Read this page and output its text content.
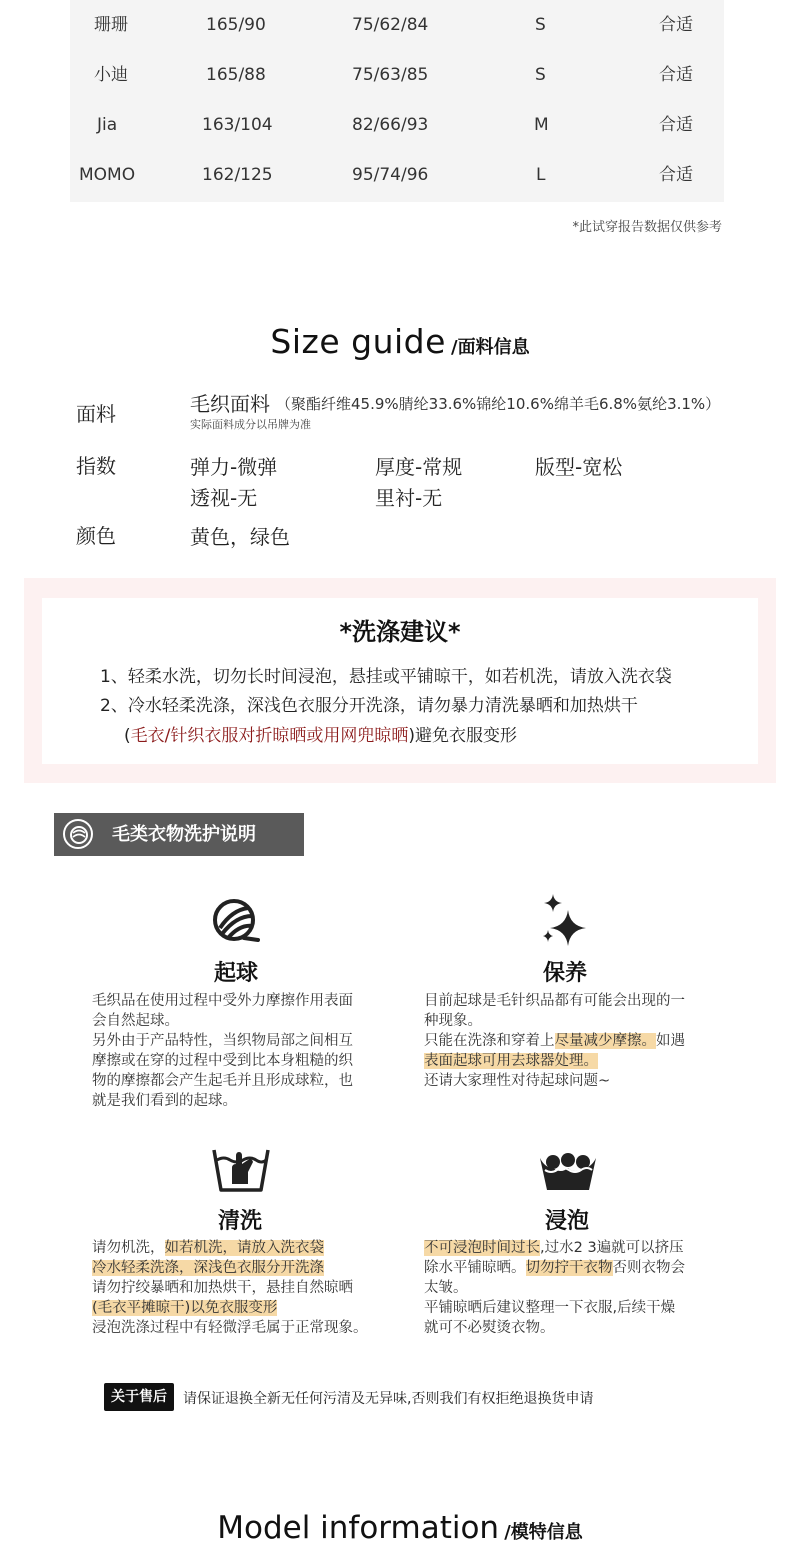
珊珊	165/90	75/62/84	S	合适
小迪	165/88	75/63/85	S	合适
Jia	163/104	82/66/93	M	合适
MOMO	162/125	95/74/96	L	合适
*此试穿报告数据仅供参考
Size guide /面料信息
面料	毛织面料 （聚酯纤维45.9%腈纶33.6%锦纶10.6%绵羊毛6.8%氨纶3.1%）
实际面料成分以吊牌为准
指数	弹力-微弹	厚度-常规	版型-宽松
透视-无	里衬-无
颜色	黄色，绿色
*洗涤建议*
1、轻柔水洗，切勿长时间浸泡，悬挂或平铺晾干，如若机洗，请放入洗衣袋
2、冷水轻柔洗涤，深浅色衣服分开洗涤，请勿暴力清洗暴晒和加热烘干
(毛衣/针织衣服对折晾晒或用网兜晾晒)避免衣服变形
毛类衣物洗护说明
起球
毛织品在使用过程中受外力摩擦作用表面
会自然起球。
另外由于产品特性，当织物局部之间相互
摩擦或在穿的过程中受到比本身粗糙的织
物的摩擦都会产生起毛并且形成球粒，也
就是我们看到的起球。
保养
目前起球是毛针织品都有可能会出现的一
种现象。
只能在洗涤和穿着上尽量减少摩擦。如遇
表面起球可用去球器处理。
还请大家理性对待起球问题~
清洗
请勿机洗，如若机洗，请放入洗衣袋
冷水轻柔洗涤，深浅色衣服分开洗涤
请勿拧绞暴晒和加热烘干，悬挂自然晾晒
(毛衣平摊晾干)以免衣服变形
浸泡洗涤过程中有轻微浮毛属于正常现象。
浸泡
不可浸泡时间过长,过水2 3遍就可以挤压
除水平铺晾晒。切勿拧干衣物否则衣物会
太皱。
平铺晾晒后建议整理一下衣服,后续干燥
就可不必熨烫衣物。
关于售后	请保证退换全新无任何污清及无异味,否则我们有权拒绝退换货申请
Model information /模特信息
